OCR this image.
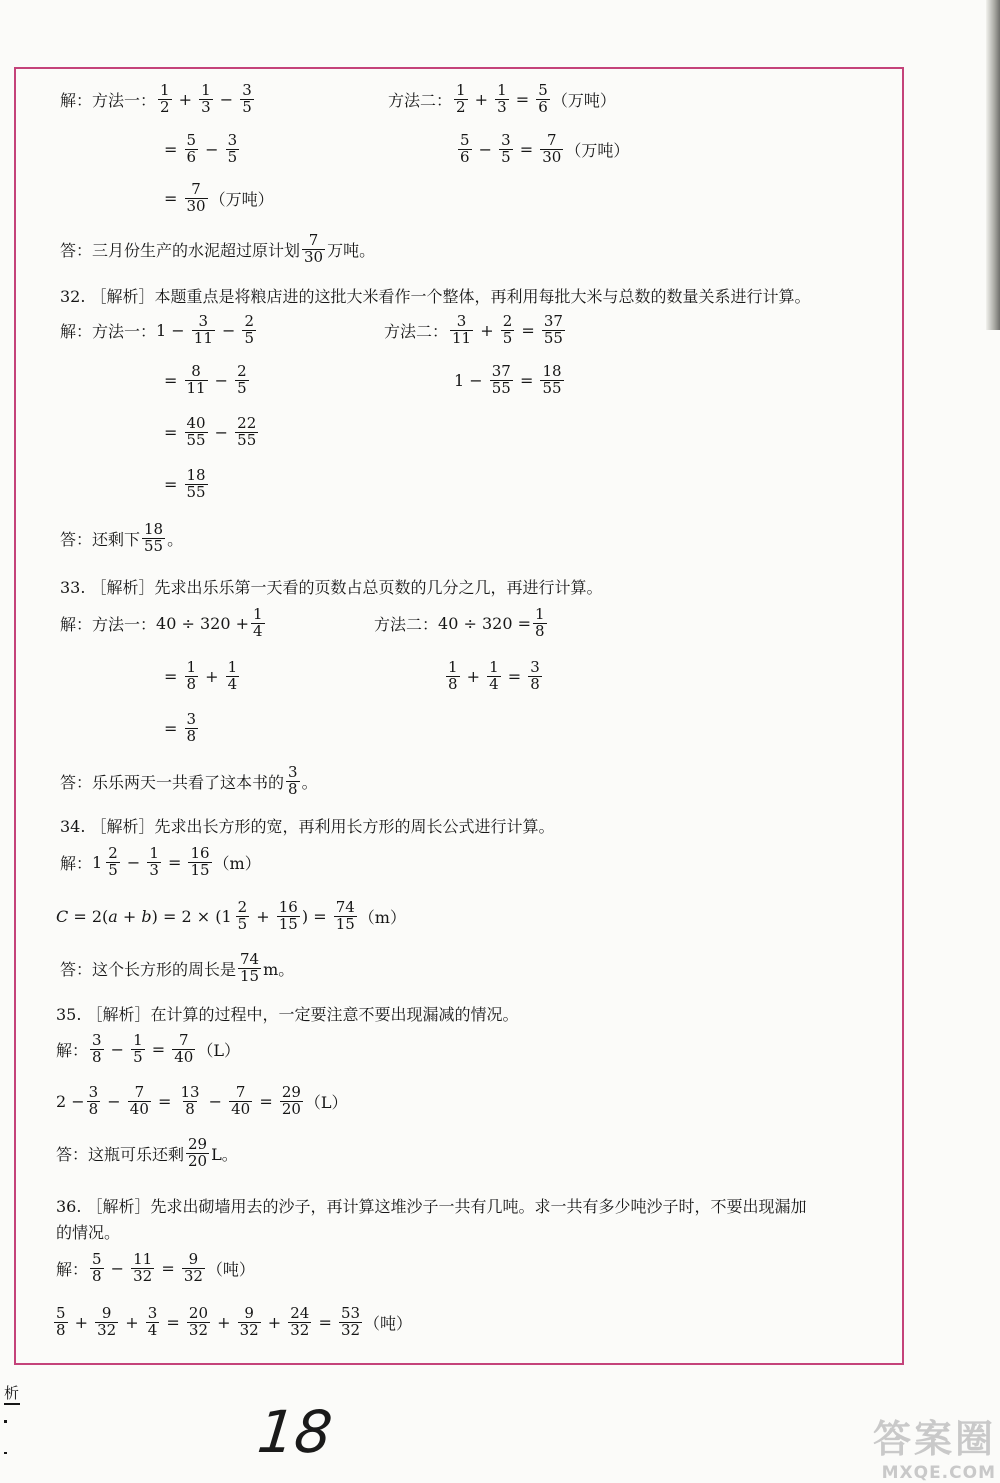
解：方法一： $\frac{1}{2} + \frac{1}{3} - \frac{3}{5}$	方法二： $\frac{1}{2} + \frac{1}{3} = \frac{5}{6}$ （万吨）
= $\frac{5}{6} - \frac{3}{5}$	$\frac{5}{6} - \frac{3}{5} = \frac{7}{30}$ （万吨）
= $\frac{7}{30}$ （万吨）
答：三月份生产的水泥超过原计划 $\frac{7}{30}$ 万吨。
32. ［解析］本题重点是将粮店进的这批大米看作一个整体，再利用每批大米与总数的数量关系进行计算。
解：方法一： $1 - \frac{3}{11} - \frac{2}{5}$	方法二： $\frac{3}{11} + \frac{2}{5} = \frac{37}{55}$
= $\frac{8}{11} - \frac{2}{5}$	$1 - \frac{37}{55} = \frac{18}{55}$
= $\frac{40}{55} - \frac{22}{55}$
= $\frac{18}{55}$
答：还剩下 $\frac{18}{55}$ 。
33. ［解析］先求出乐乐第一天看的页数占总页数的几分之几，再进行计算。
解：方法一： $40 \div 320 + \frac{1}{4}$	方法二： $40 \div 320 = \frac{1}{8}$
= $\frac{1}{8} + \frac{1}{4}$	$\frac{1}{8} + \frac{1}{4} = \frac{3}{8}$
= $\frac{3}{8}$
答：乐乐两天一共看了这本书的 $\frac{3}{8}$ 。
34. ［解析］先求出长方形的宽，再利用长方形的周长公式进行计算。
解： $1 \frac{2}{5} - \frac{1}{3} = \frac{16}{15} (m)$
C = 2( a + b ) = 2 × ( $1 \frac{2}{5} + \frac{16}{15}$ ) = $\frac{74}{15} (m)$
答：这个长方形的周长是 $\frac{74}{15}$ m。
35. ［解析］在计算的过程中，一定要注意不要出现漏减的情况。
解： $\frac{3}{8} - \frac{1}{5} = \frac{7}{40} (L)$
$2 - \frac{3}{8} - \frac{7}{40} = \frac{13}{8} - \frac{7}{40} = \frac{29}{20} (L)$
答：这瓶可乐还剩 $\frac{29}{20}$ L。
36. ［解析］先求出砌墙用去的沙子，再计算这堆沙子一共有几吨。求一共有多少吨沙子时，不要出现漏加
的情况。
解： $\frac{5}{8} - \frac{11}{32} = \frac{9}{32}$ （吨）
$\frac{5}{8} + \frac{9}{32} + \frac{3}{4} = \frac{20}{32} + \frac{9}{32} + \frac{24}{32} = \frac{53}{32}$ （吨）
析
18	答案圈
MXQE.COM
